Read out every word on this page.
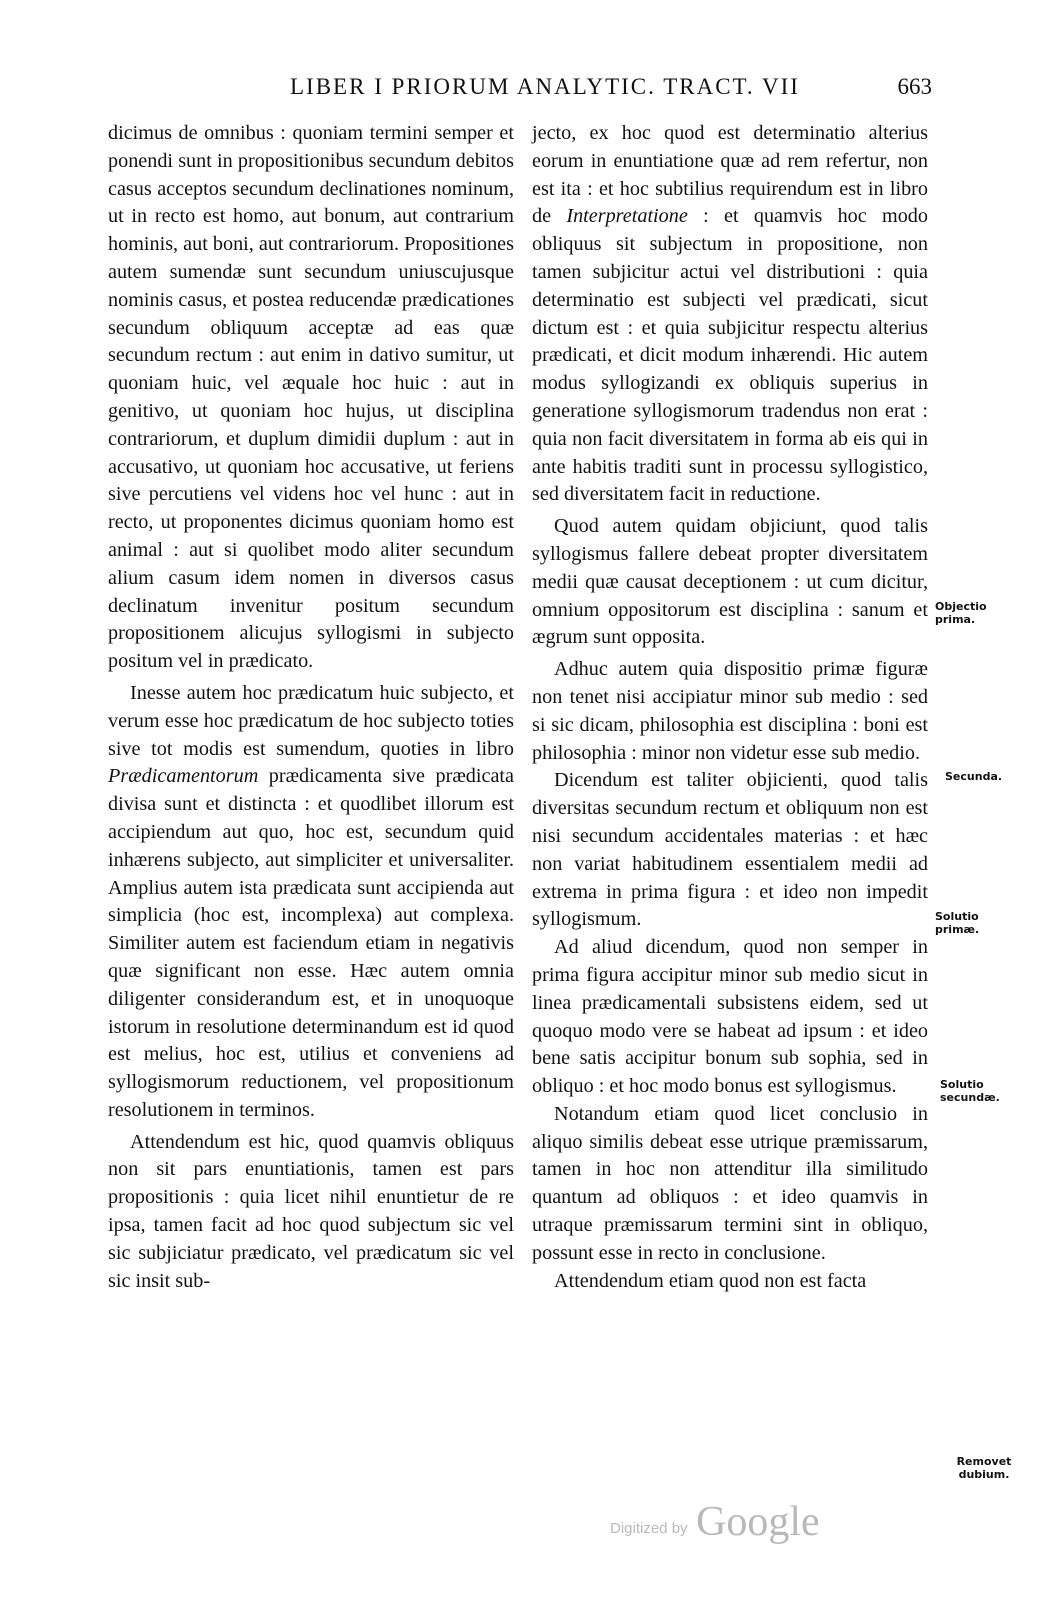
LIBER I PRIORUM ANALYTIC. TRACT. VII	663

dicimus de omnibus : quoniam termini semper et ponendi sunt in propositionibus secundum debitos casus acceptos secundum declinationes nominum, ut in recto est homo, aut bonum, aut contrarium hominis, aut boni, aut contrariorum. Propositiones autem sumendæ sunt secundum uniuscujusque nominis casus, et postea reducendæ prædicationes secundum obliquum acceptæ ad eas quæ secundum rectum : aut enim in dativo sumitur, ut quoniam huic, vel æquale hoc huic : aut in genitivo, ut quoniam hoc hujus, ut disciplina contrariorum, et duplum dimidii duplum : aut in accusativo, ut quoniam hoc accusative, ut feriens sive percutiens vel videns hoc vel hunc : aut in recto, ut proponentes dicimus quoniam homo est animal : aut si quolibet modo aliter secundum alium casum idem nomen in diversos casus declinatum invenitur positum secundum propositionem alicujus syllogismi in subjecto positum vel in prædicato.

Inesse autem hoc prædicatum huic subjecto, et verum esse hoc prædicatum de hoc subjecto toties sive tot modis est sumendum, quoties in libro Prædicamentorum prædicamenta sive prædicata divisa sunt et distincta : et quodlibet illorum est accipiendum aut quo, hoc est, secundum quid inhærens subjecto, aut simpliciter et universaliter. Amplius autem ista prædicata sunt accipienda aut simplicia (hoc est, incomplexa) aut complexa. Similiter autem est faciendum etiam in negativis quæ significant non esse. Hæc autem omnia diligenter considerandum est, et in unoquoque istorum in resolutione determinandum est id quod est melius, hoc est, utilius et conveniens ad syllogismorum reductionem, vel propositionum resolutionem in terminos.

Attendendum est hic, quod quamvis obliquus non sit pars enuntiationis, tamen est pars propositionis : quia licet nihil enuntietur de re ipsa, tamen facit ad hoc quod subjectum sic vel sic subjiciatur prædicato, vel prædicatum sic vel sic insit sub-

jecto, ex hoc quod est determinatio alterius eorum in enuntiatione quæ ad rem refertur, non est ita : et hoc subtilius requirendum est in libro de Interpretatione : et quamvis hoc modo obliquus sit subjectum in propositione, non tamen subjicitur actui vel distributioni : quia determinatio est subjecti vel prædicati, sicut dictum est : et quia subjicitur respectu alterius prædicati, et dicit modum inhærendi. Hic autem modus syllogizandi ex obliquis superius in generatione syllogismorum tradendus non erat : quia non facit diversitatem in forma ab eis qui in ante habitis traditi sunt in processu syllogistico, sed diversitatem facit in reductione.

Quod autem quidam objiciunt, quod talis syllogismus fallere debeat propter diversitatem medii quæ causat deceptionem : ut cum dicitur, omnium oppositorum est disciplina : sanum et ægrum sunt opposita.

Adhuc autem quia dispositio primæ figuræ non tenet nisi accipiatur minor sub medio : sed si sic dicam, philosophia est disciplina : boni est philosophia : minor non videtur esse sub medio.

Dicendum est taliter objicienti, quod talis diversitas secundum rectum et obliquum non est nisi secundum accidentales materias : et hæc non variat habitudinem essentialem medii ad extrema in prima figura : et ideo non impedit syllogismum.

Ad aliud dicendum, quod non semper in prima figura accipitur minor sub medio sicut in linea prædicamentali subsistens eidem, sed ut quoquo modo vere se habeat ad ipsum : et ideo bene satis accipitur bonum sub sophia, sed in obliquo : et hoc modo bonus est syllogismus.

Notandum etiam quod licet conclusio in aliquo similis debeat esse utrique præmissarum, tamen in hoc non attenditur illa similitudo quantum ad obliquos : et ideo quamvis in utraque præmissarum termini sint in obliquo, possunt esse in recto in conclusione.

Attendendum etiam quod non est facta

Objectio prima.
Secunda.
Solutio primæ.
Solutio secundæ.
Removet dubium.
Digitized by Google
